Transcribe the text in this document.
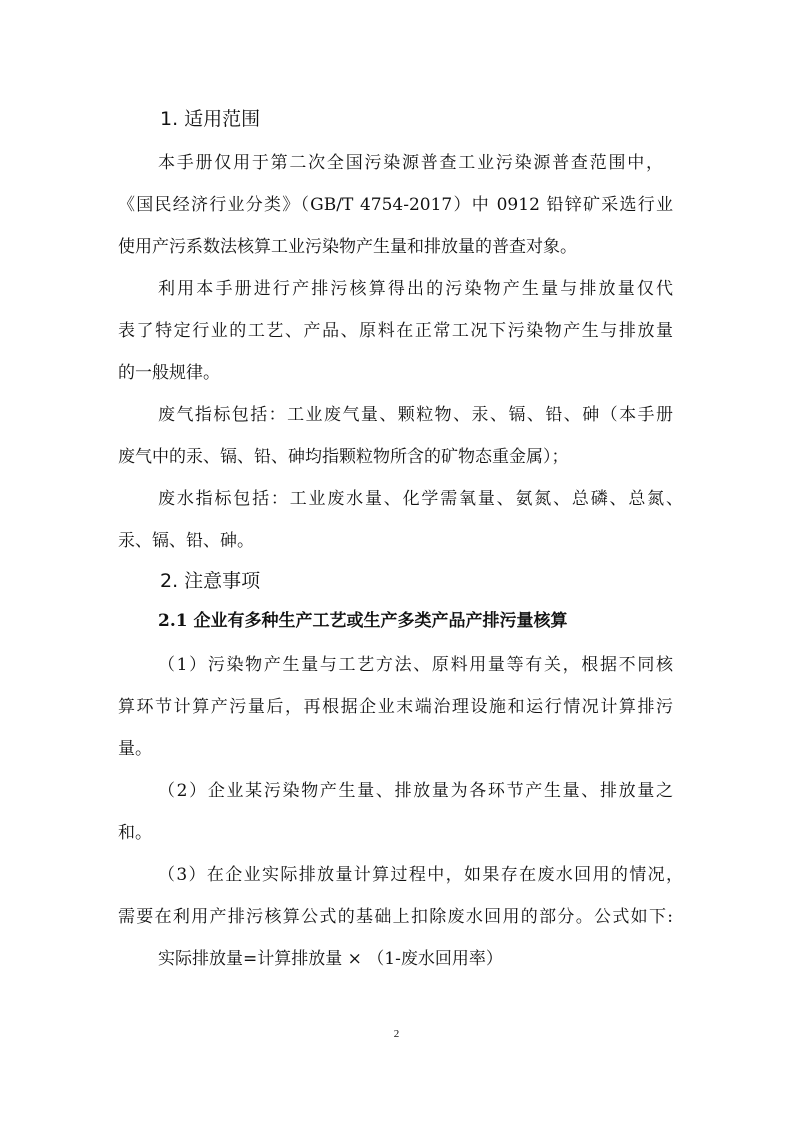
1. 适用范围
本手册仅用于第二次全国污染源普查工业污染源普查范围中，
《国民经济行业分类》（GB/T 4754-2017）中 0912 铅锌矿采选行业
使用产污系数法核算工业污染物产生量和排放量的普查对象。
利用本手册进行产排污核算得出的污染物产生量与排放量仅代
表了特定行业的工艺、产品、原料在正常工况下污染物产生与排放量
的一般规律。
废气指标包括：工业废气量、颗粒物、汞、镉、铅、砷（本手册
废气中的汞、镉、铅、砷均指颗粒物所含的矿物态重金属）；
废水指标包括：工业废水量、化学需氧量、氨氮、总磷、总氮、
汞、镉、铅、砷。
2. 注意事项
2.1 企业有多种生产工艺或生产多类产品产排污量核算
（1）污染物产生量与工艺方法、原料用量等有关，根据不同核
算环节计算产污量后，再根据企业末端治理设施和运行情况计算排污
量。
（2）企业某污染物产生量、排放量为各环节产生量、排放量之
和。
（3）在企业实际排放量计算过程中，如果存在废水回用的情况，
需要在利用产排污核算公式的基础上扣除废水回用的部分。公式如下:
实际排放量=计算排放量 × （1-废水回用率）
2
